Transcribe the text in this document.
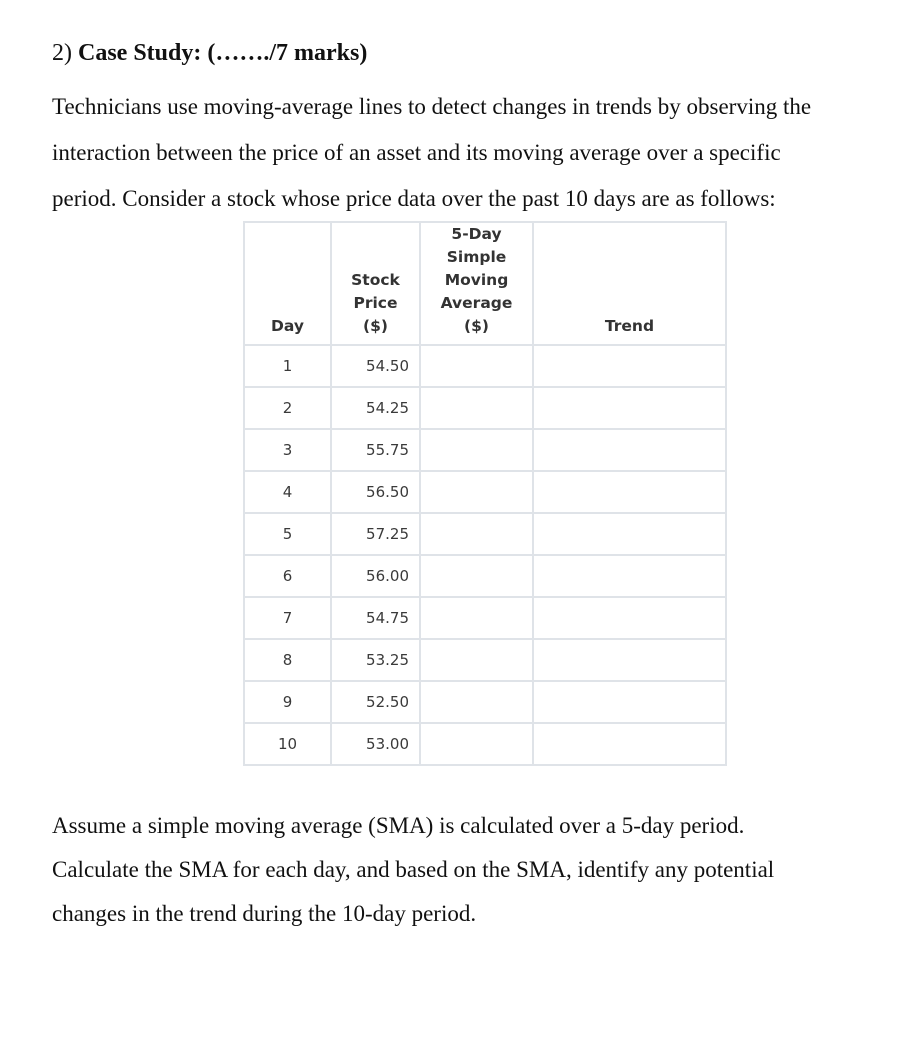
2) Case Study: (……./7 marks)

Technicians use moving-average lines to detect changes in trends by observing the
interaction between the price of an asset and its moving average over a specific
period. Consider a stock whose price data over the past 10 days are as follows:

Day	Stock Price ($)	5-Day Simple Moving Average ($)	Trend
1	54.50		
2	54.25		
3	55.75		
4	56.50		
5	57.25		
6	56.00		
7	54.75		
8	53.25		
9	52.50		
10	53.00		

Assume a simple moving average (SMA) is calculated over a 5-day period.
Calculate the SMA for each day, and based on the SMA, identify any potential
changes in the trend during the 10-day period.
